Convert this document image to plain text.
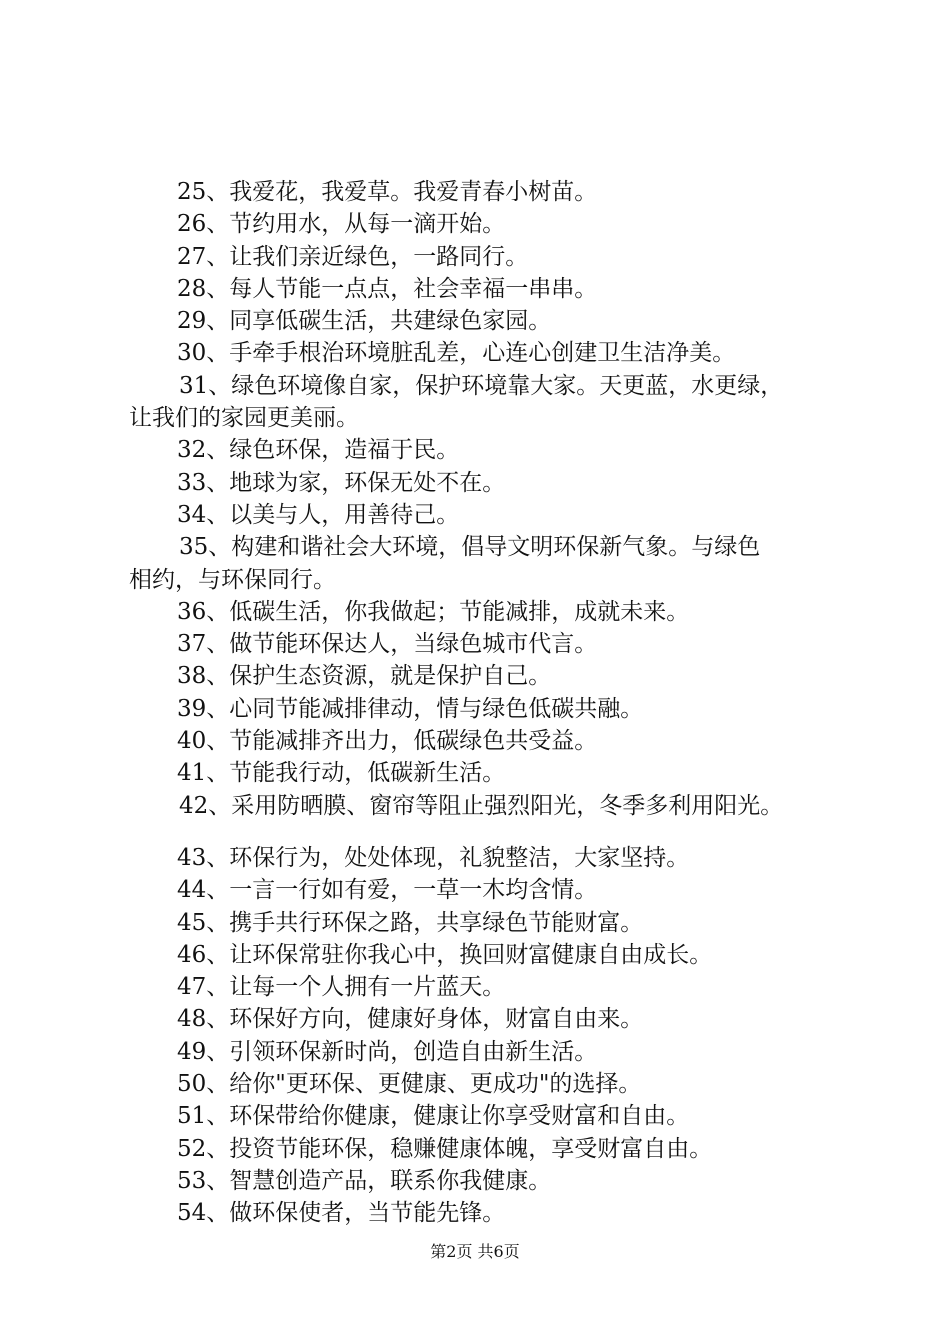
25、我爱花，我爱草。我爱青春小树苗。
26、节约用水，从每一滴开始。
27、让我们亲近绿色，一路同行。
28、每人节能一点点，社会幸福一串串。
29、同享低碳生活，共建绿色家园。
30、手牵手根治环境脏乱差，心连心创建卫生洁净美。
31、绿色环境像自家，保护环境靠大家。天更蓝，水更绿，
让我们的家园更美丽。
32、绿色环保，造福于民。
33、地球为家，环保无处不在。
34、以美与人，用善待己。
35、构建和谐社会大环境，倡导文明环保新气象。与绿色
相约，与环保同行。
36、低碳生活，你我做起；节能减排，成就未来。
37、做节能环保达人，当绿色城市代言。
38、保护生态资源，就是保护自己。
39、心同节能减排律动，情与绿色低碳共融。
40、节能减排齐出力，低碳绿色共受益。
41、节能我行动，低碳新生活。
42、采用防晒膜、窗帘等阻止强烈阳光，冬季多利用阳光。
43、环保行为，处处体现，礼貌整洁，大家坚持。
44、一言一行如有爱，一草一木均含情。
45、携手共行环保之路，共享绿色节能财富。
46、让环保常驻你我心中，换回财富健康自由成长。
47、让每一个人拥有一片蓝天。
48、环保好方向，健康好身体，财富自由来。
49、引领环保新时尚，创造自由新生活。
50、给你"更环保、更健康、更成功"的选择。
51、环保带给你健康，健康让你享受财富和自由。
52、投资节能环保，稳赚健康体魄，享受财富自由。
53、智慧创造产品，联系你我健康。
54、做环保使者，当节能先锋。
第2页 共6页
